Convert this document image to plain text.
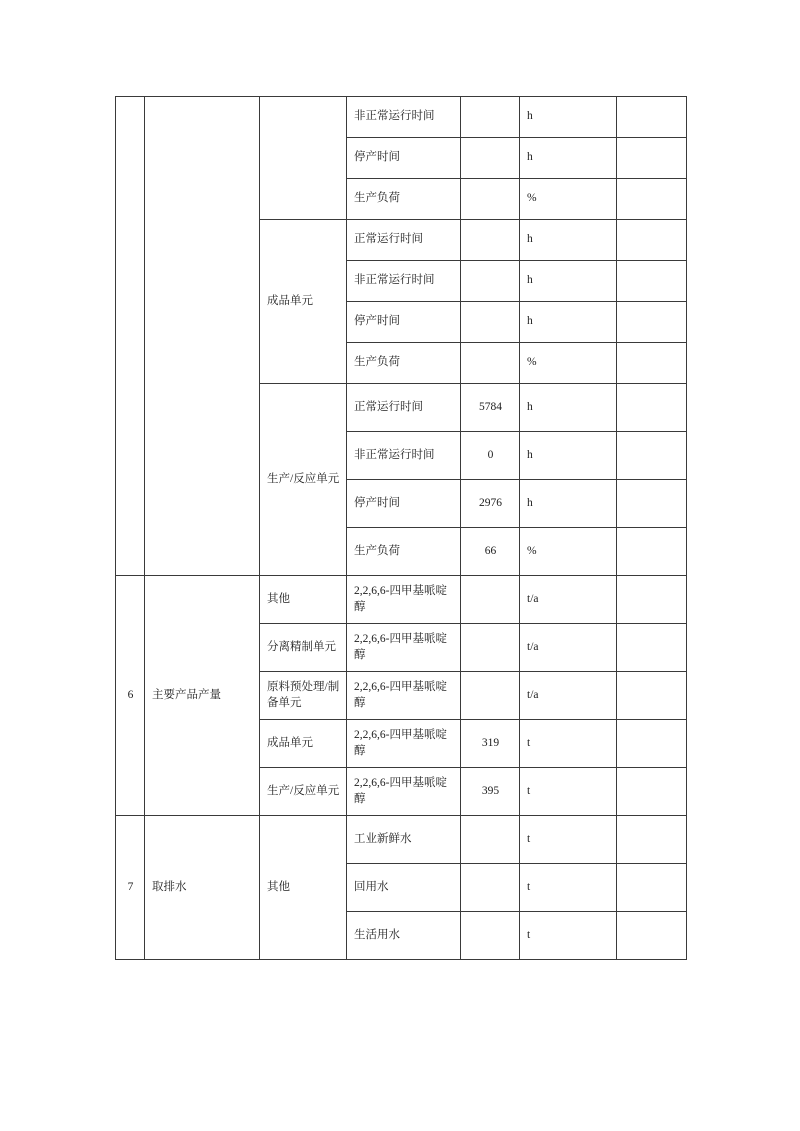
			非正常运行时间		h	
			停产时间		h	
			生产负荷		%	
		成品单元	正常运行时间		h	
			非正常运行时间		h	
			停产时间		h	
			生产负荷		%	
		生产/反应单元	正常运行时间	5784	h	
			非正常运行时间	0	h	
			停产时间	2976	h	
			生产负荷	66	%	
6	主要产品产量	其他	2,2,6,6-四甲基哌啶醇		t/a	
		分离精制单元	2,2,6,6-四甲基哌啶醇		t/a	
		原料预处理/制备单元	2,2,6,6-四甲基哌啶醇		t/a	
		成品单元	2,2,6,6-四甲基哌啶醇	319	t	
		生产/反应单元	2,2,6,6-四甲基哌啶醇	395	t	
7	取排水	其他	工业新鲜水		t	
			回用水		t	
			生活用水		t	
